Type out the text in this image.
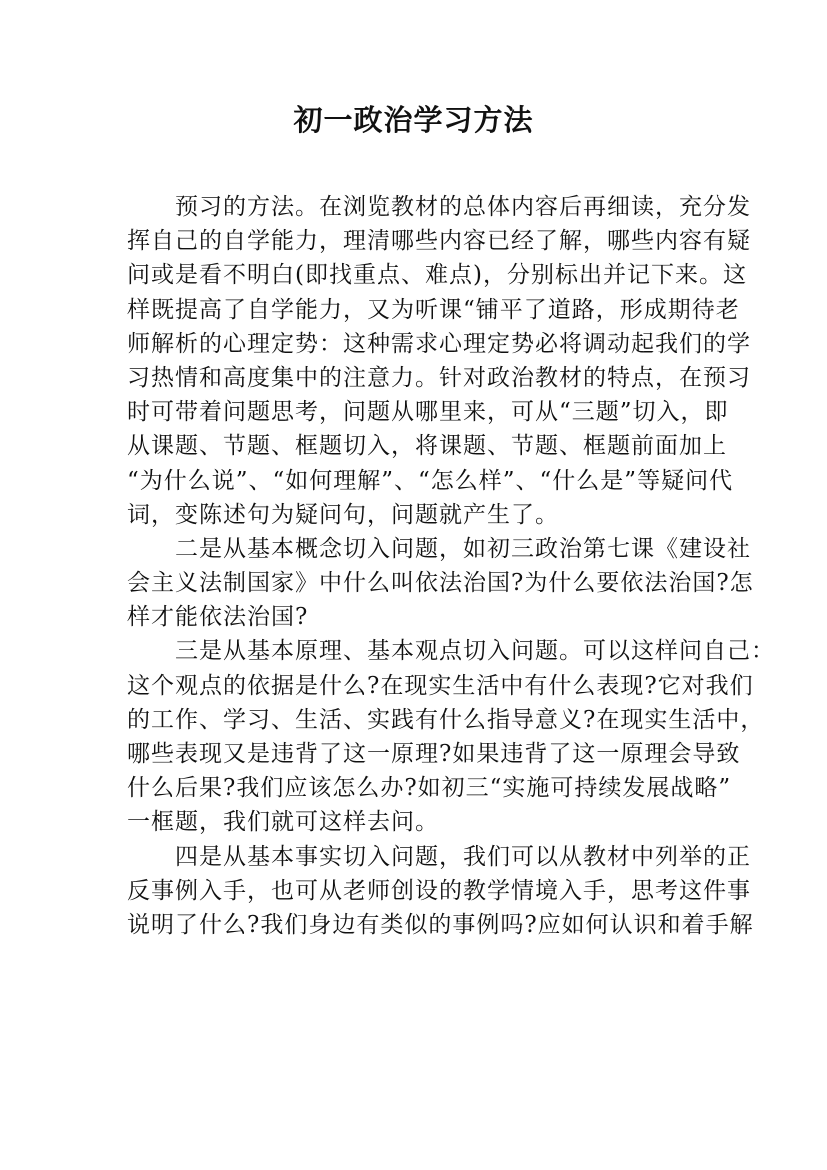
初一政治学习方法
预习的方法。在浏览教材的总体内容后再细读，充分发
挥自己的自学能力，理清哪些内容已经了解，哪些内容有疑
问或是看不明白(即找重点、难点)，分别标出并记下来。这
样既提高了自学能力，又为听课“铺平了道路，形成期待老
师解析的心理定势：这种需求心理定势必将调动起我们的学
习热情和高度集中的注意力。针对政治教材的特点，在预习
时可带着问题思考，问题从哪里来，可从“三题”切入，即
从课题、节题、框题切入，将课题、节题、框题前面加上
“为什么说”、“如何理解”、“怎么样”、“什么是”等疑问代
词，变陈述句为疑问句，问题就产生了。
二是从基本概念切入问题，如初三政治第七课《建设社
会主义法制国家》中什么叫依法治国?为什么要依法治国?怎
样才能依法治国?
三是从基本原理、基本观点切入问题。可以这样问自己：
这个观点的依据是什么?在现实生活中有什么表现?它对我们
的工作、学习、生活、实践有什么指导意义?在现实生活中，
哪些表现又是违背了这一原理?如果违背了这一原理会导致
什么后果?我们应该怎么办?如初三“实施可持续发展战略”
一框题，我们就可这样去问。
四是从基本事实切入问题，我们可以从教材中列举的正
反事例入手，也可从老师创设的教学情境入手，思考这件事
说明了什么?我们身边有类似的事例吗?应如何认识和着手解
